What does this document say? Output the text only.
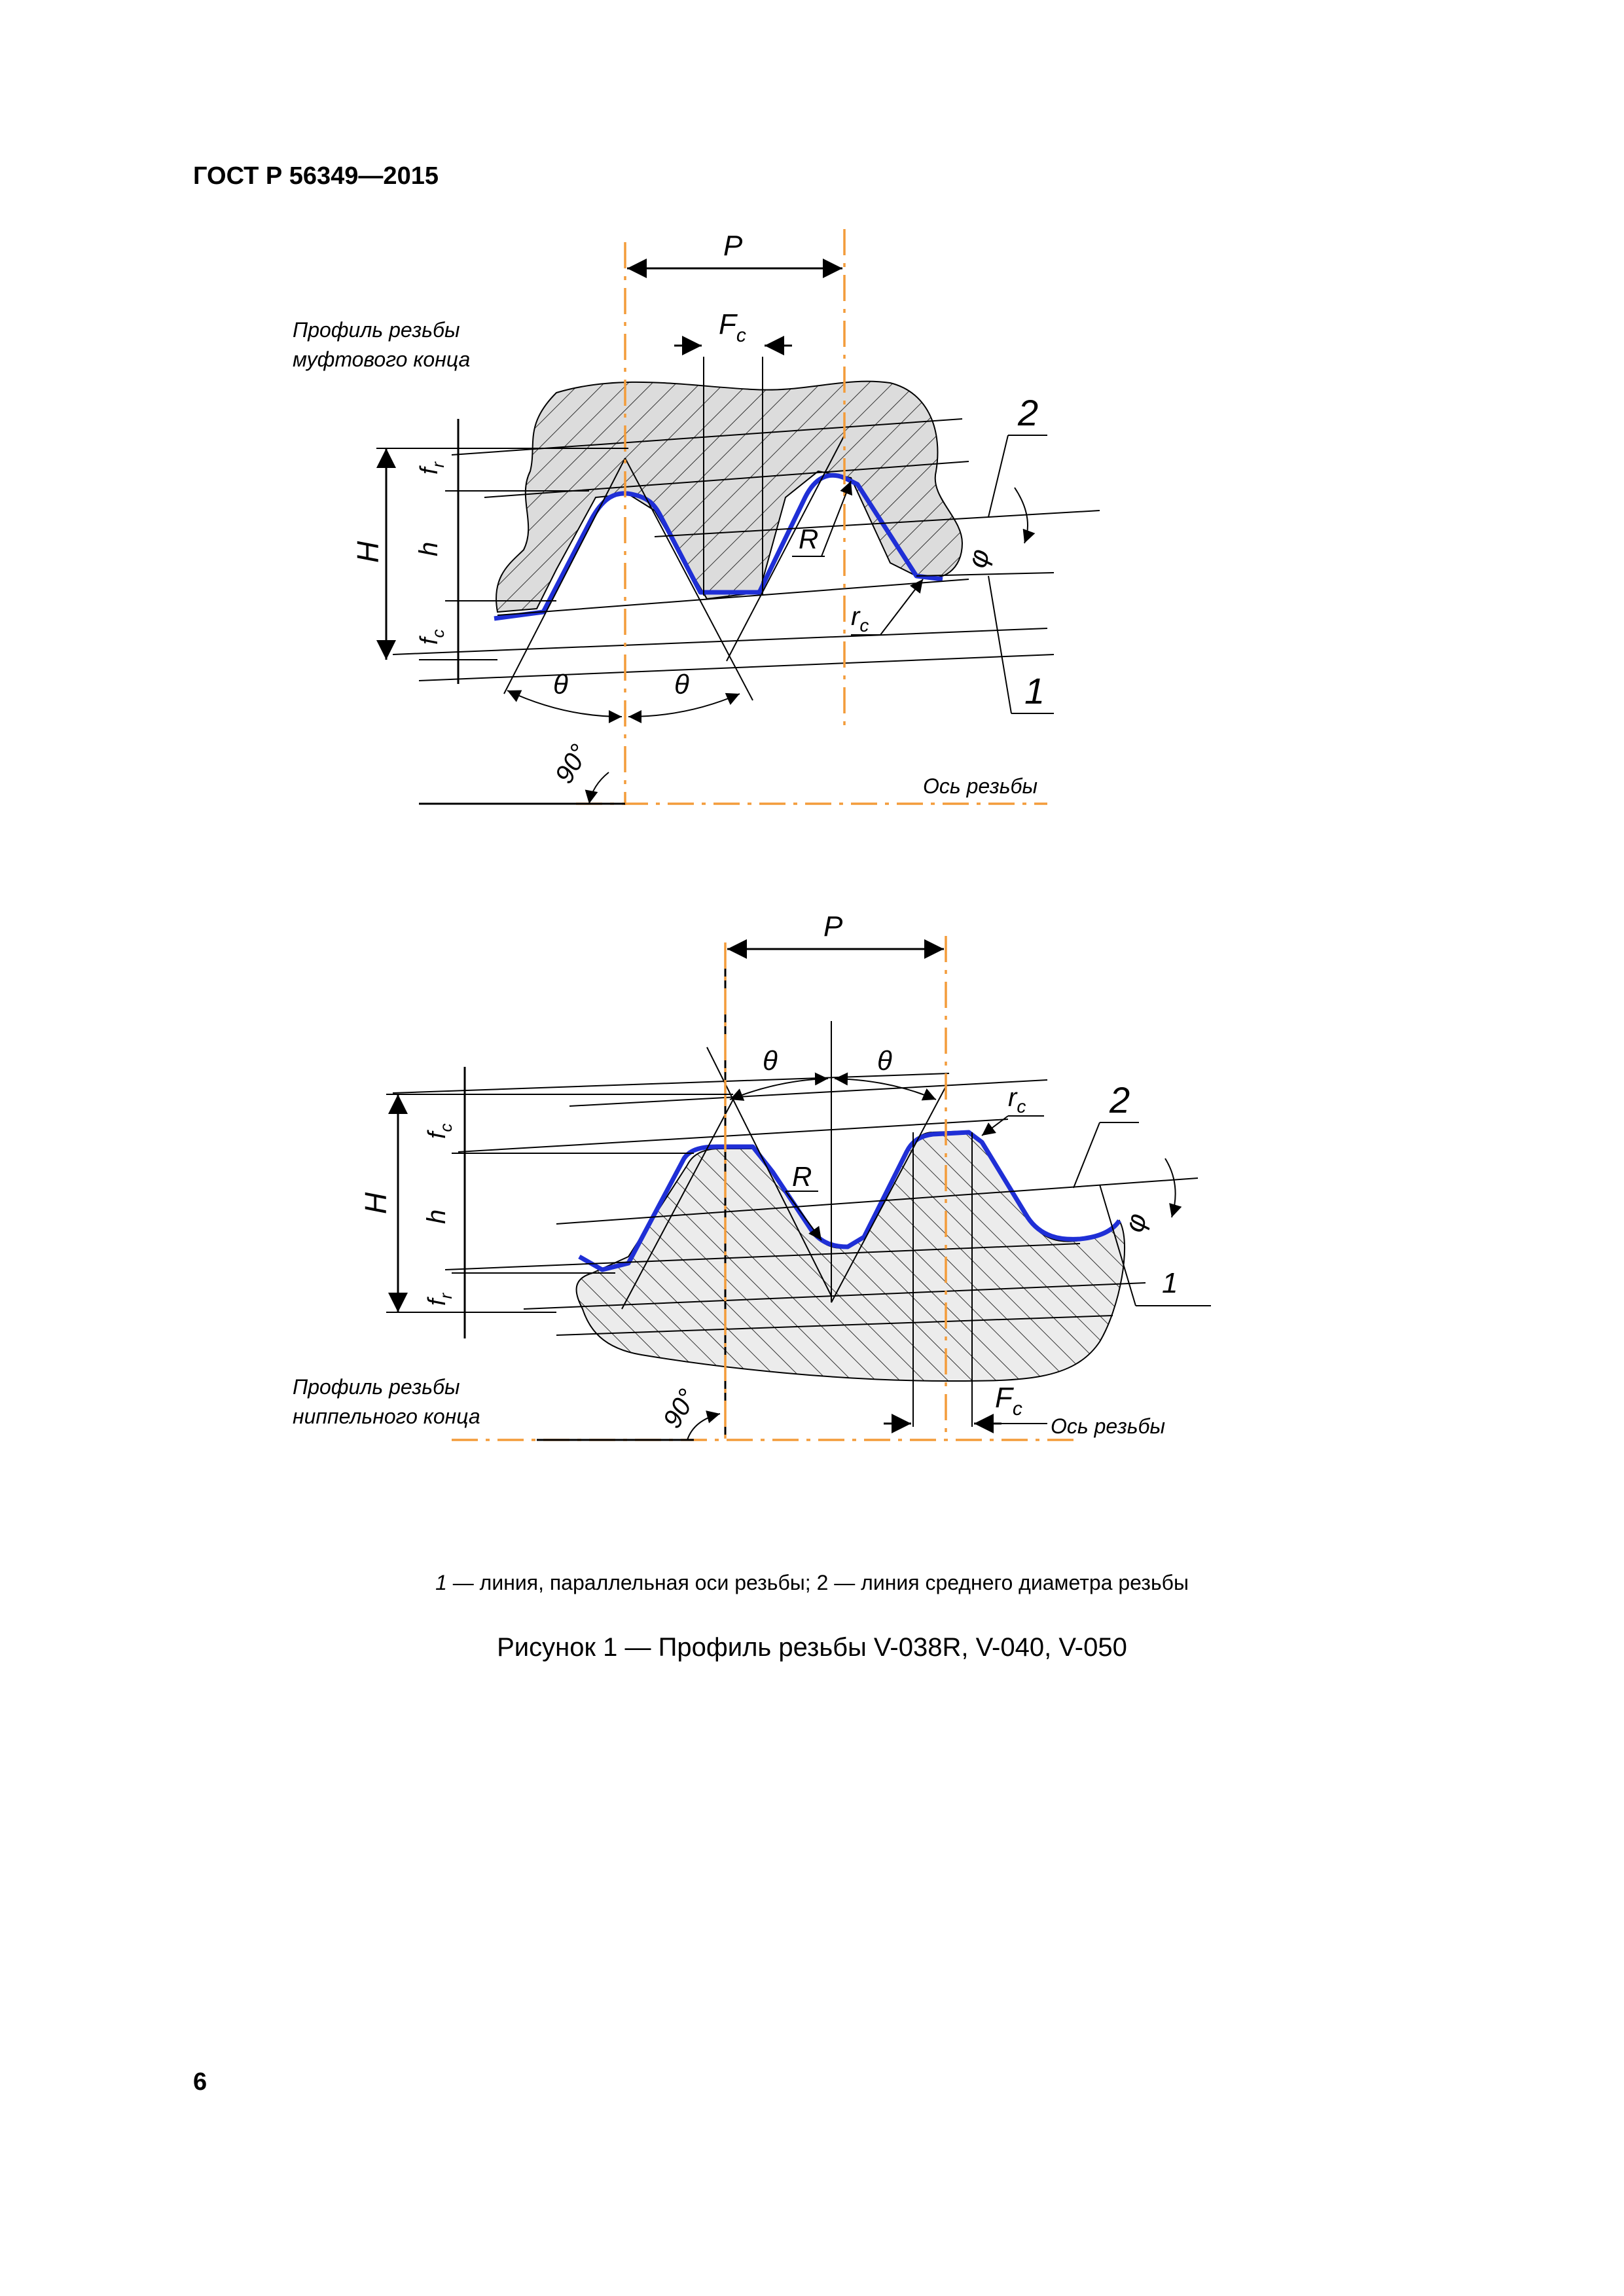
ГОСТ Р 56349—2015
P
$F_c$
H
$f_r$
h
$f_c$
θ	θ
90°
R
$r_c$
2
1
φ
Профиль резьбы
муфтового конца
Ось резьбы
P
$F_c$
H
$f_c$
h
$f_r$
θ	θ
90°
R
$r_c$ 2
1
φ
Профиль резьбы
ниппельного конца	Ось резьбы
1 — линия, параллельная оси резьбы; 2 — линия среднего диаметра резьбы
Рисунок 1 — Профиль резьбы V-038R, V-040, V-050
6
